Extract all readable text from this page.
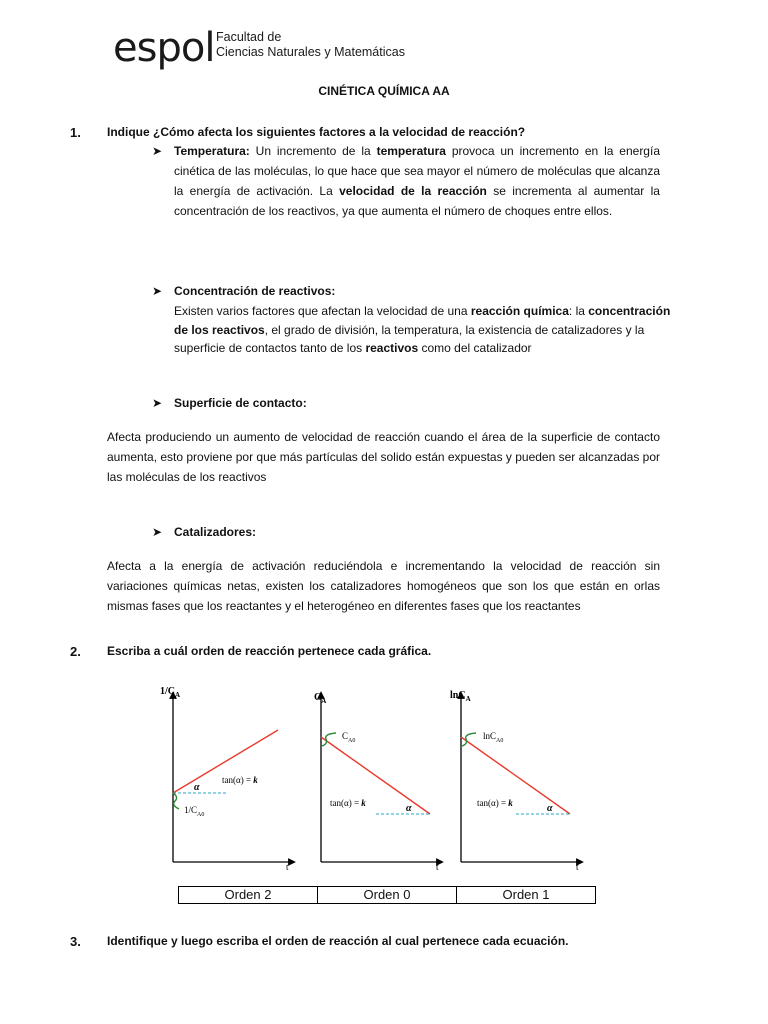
espol Facultad de
Ciencias Naturales y Matemáticas
CINÉTICA QUÍMICA AA
1. Indique ¿Cómo afecta los siguientes factores a la velocidad de reacción?
➤ Temperatura: Un incremento de la temperatura provoca un incremento en la energía cinética de las moléculas, lo que hace que sea mayor el número de moléculas que alcanza la energía de activación. La velocidad de la reacción se incrementa al aumentar la concentración de los reactivos, ya que aumenta el número de choques entre ellos.
➤ Concentración de reactivos:
Existen varios factores que afectan la velocidad de una reacción química: la concentración de los reactivos, el grado de división, la temperatura, la existencia de catalizadores y la superficie de contactos tanto de los reactivos como del catalizador
➤ Superficie de contacto:
Afecta produciendo un aumento de velocidad de reacción cuando el área de la superficie de contacto aumenta, esto proviene por que más partículas del solido están expuestas y pueden ser alcanzadas por las moléculas de los reactivos
➤ Catalizadores:
Afecta a la energía de activación reduciéndola e incrementando la velocidad de reacción sin variaciones químicas netas, existen los catalizadores homogéneos que son los que están en orlas mismas fases que los reactantes y el heterogéneo en diferentes fases que los reactantes
2. Escriba a cuál orden de reacción pertenece cada gráfica.
$1/C_A$
t
$1/C_{A0}$
α
tan(α) = k
$C_A$
t
$C_{A0}$
α
tan(α) = k
lnC$_A$
t
lnC$_{A0}$
α
tan(α) = k
Orden 2	Orden 0	Orden 1
3. Identifique y luego escriba el orden de reacción al cual pertenece cada ecuación.
